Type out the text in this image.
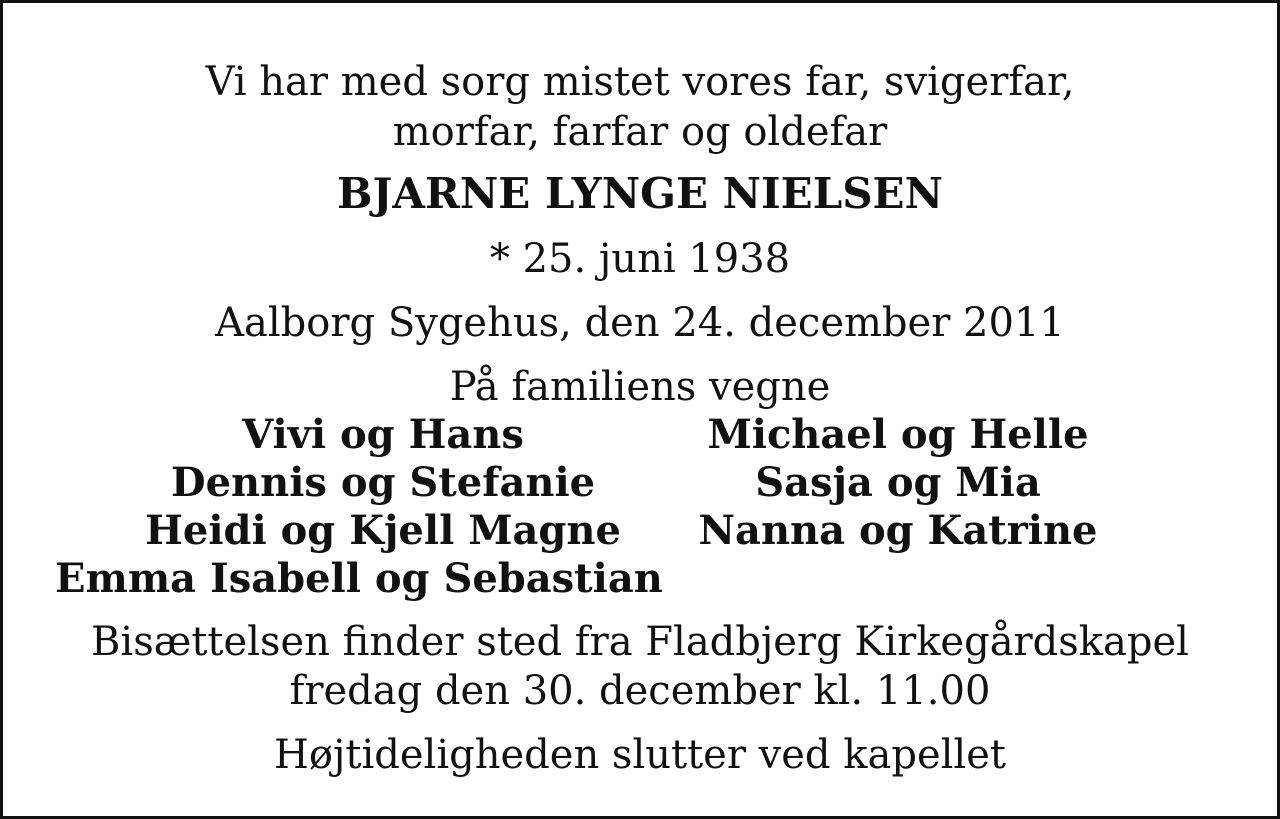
Vi har med sorg mistet vores far, svigerfar,
morfar, farfar og oldefar
BJARNE LYNGE NIELSEN
* 25. juni 1938
Aalborg Sygehus, den 24. december 2011
På familiens vegne
Vivi og Hans
Dennis og Stefanie
Heidi og Kjell Magne
Michael og Helle
Sasja og Mia
Nanna og Katrine
Emma Isabell og Sebastian
Bisættelsen finder sted fra Fladbjerg Kirkegårdskapel
fredag den 30. december kl. 11.00
Højtideligheden slutter ved kapellet
